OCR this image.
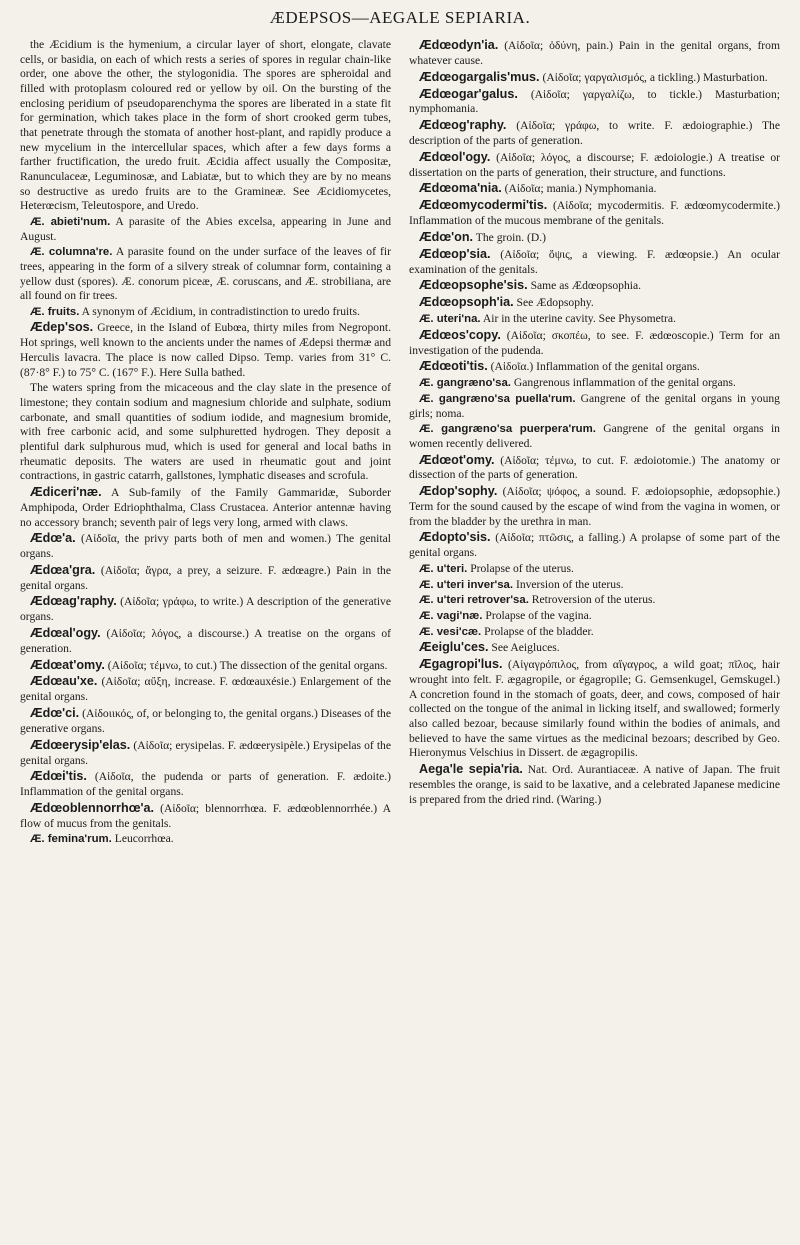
ÆDEPSOS—AEGALE SEPIARIA.

the Æcidium is the hymenium, a circular layer of short, elongate, clavate cells, or basidia, on each of which rests a series of spores in regular chain-like order, one above the other, the stylogonidia. The spores are spheroidal and filled with protoplasm coloured red or yellow by oil. On the bursting of the enclosing peridium of pseudoparenchyma the spores are liberated in a state fit for germination, which takes place in the form of short crooked germ tubes, that penetrate through the stomata of another host-plant, and rapidly produce a new mycelium in the intercellular spaces, which after a few days forms a farther fructification, the uredo fruit. Æcidia affect usually the Compositæ, Ranunculaceæ, Leguminosæ, and Labiatæ, but to which they are by no means so destructive as uredo fruits are to the Gramineæ. See Æcidiomycetes, Heterœcism, Teleutospore, and Uredo.

Æ. abieti'num. A parasite of the Abies excelsa, appearing in June and August.

Æ. columna're. A parasite found on the under surface of the leaves of fir trees, appearing in the form of a silvery streak of columnar form, containing a yellow dust (spores). Æ. conorum piceæ, Æ. coruscans, and Æ. strobiliana, are all found on fir trees.

Æ. fruits. A synonym of Æcidium, in contradistinction to uredo fruits.

Ædep'sos. Greece, in the Island of Eubœa, thirty miles from Negropont. Hot springs, well known to the ancients under the names of Ædepsi thermæ and Herculis lavacra. The place is now called Dipso. Temp. varies from 31° C. (87·8° F.) to 75° C. (167° F.). Here Sulla bathed.

The waters spring from the micaceous and the clay slate in the presence of limestone; they contain sodium and magnesium chloride and sulphate, sodium carbonate, and small quantities of sodium iodide, and magnesium bromide, with free carbonic acid, and some sulphuretted hydrogen. They deposit a plentiful dark sulphurous mud, which is used for general and local baths in rheumatic deposits. The waters are used in rheumatic gout and joint contractions, in gastric catarrh, gallstones, lymphatic diseases and scrofula.

Ædiceri'næ. A Sub-family of the Family Gammaridæ, Suborder Amphipoda, Order Edriophthalma, Class Crustacea. Anterior antennæ having no accessory branch; seventh pair of legs very long, armed with claws.

Ædœ'a. (Αἰδοῖα, the privy parts both of men and women.) The genital organs.

Ædœa'gra. (Αἰδοῖα; ἄγρα, a prey, a seizure. F. ædœagre.) Pain in the genital organs.

Ædœag'raphy. (Αἰδοῖα; γράφω, to write.) A description of the generative organs.

Ædœal'ogy. (Αἰδοῖα; λόγος, a discourse.) A treatise on the organs of generation.

Ædœat'omy. (Αἰδοῖα; τέμνω, to cut.) The dissection of the genital organs.

Ædœau'xe. (Αἰδοῖα; αὔξη, increase. F. œdœauxésie.) Enlargement of the genital organs.

Ædœ'ci. (Αἰδοιικός, of, or belonging to, the genital organs.) Diseases of the generative organs.

Ædœerysip'elas. (Αἰδοῖα; erysipelas. F. ædœerysipèle.) Erysipelas of the genital organs.

Ædœi'tis. (Αἰδοῖα, the pudenda or parts of generation. F. ædoite.) Inflammation of the genital organs.

Ædœoblennorrhœ'a. (Αἰδοῖα; blennorrhœa. F. ædœoblennorrhée.) A flow of mucus from the genitals.

Æ. femina'rum. Leucorrhœa.

Ædœodyn'ia. (Αἰδοῖα; ὀδύνη, pain.) Pain in the genital organs, from whatever cause.

Ædœogargalis'mus. (Αἰδοῖα; γαργαλισμός, a tickling.) Masturbation.

Ædœogar'galus. (Αἰδοῖα; γαργαλίζω, to tickle.) Masturbation; nymphomania.

Ædœog'raphy. (Αἰδοῖα; γράφω, to write. F. ædoiographie.) The description of the parts of generation.

Ædœol'ogy. (Αἰδοῖα; λόγος, a discourse; F. ædoiologie.) A treatise or dissertation on the parts of generation, their structure, and functions.

Ædœoma'nia. (Αἰδοῖα; mania.) Nymphomania.

Ædœomycodermi'tis. (Αἰδοῖα; mycodermitis. F. ædœomycodermite.) Inflammation of the mucous membrane of the genitals.

Ædœ'on. The groin. (D.)

Ædœop'sia. (Αἰδοῖα; ὄψις, a viewing. F. ædœopsie.) An ocular examination of the genitals.

Ædœopsophe'sis. Same as Ædœopsophia.

Ædœopsoph'ia. See Ædopsophy.

Æ. uteri'na. Air in the uterine cavity. See Physometra.

Ædœos'copy. (Αἰδοῖα; σκοπέω, to see. F. ædœoscopie.) Term for an investigation of the pudenda.

Ædœoti'tis. (Αἰδοῖα.) Inflammation of the genital organs.

Æ. gangræno'sa. Gangrenous inflammation of the genital organs.

Æ. gangræno'sa puella'rum. Gangrene of the genital organs in young girls; noma.

Æ. gangræno'sa puerpera'rum. Gangrene of the genital organs in women recently delivered.

Ædœot'omy. (Αἰδοῖα; τέμνω, to cut. F. ædoiotomie.) The anatomy or dissection of the parts of generation.

Ædop'sophy. (Αἰδοῖα; ψόφος, a sound. F. ædoiopsophie, ædopsophie.) Term for the sound caused by the escape of wind from the vagina in women, or from the bladder by the urethra in man.

Ædopto'sis. (Αἰδοῖα; πτῶσις, a falling.) A prolapse of some part of the genital organs.

Æ. u'teri. Prolapse of the uterus.

Æ. u'teri inver'sa. Inversion of the uterus.

Æ. u'teri retrover'sa. Retroversion of the uterus.

Æ. vagi'næ. Prolapse of the vagina.

Æ. vesi'cæ. Prolapse of the bladder.

Æeiglu'ces. See Aeigluces.

Ægagropi'lus. (Αἰγαγρόπιλος, from αἴγαγρος, a wild goat; πῖλος, hair wrought into felt. F. ægagropile, or égagropile; G. Gemsenkugel, Gemskugel.) A concretion found in the stomach of goats, deer, and cows, composed of hair collected on the tongue of the animal in licking itself, and swallowed; formerly also called bezoar, because similarly found within the bodies of animals, and believed to have the same virtues as the medicinal bezoars; described by Geo. Hieronymus Velschius in Dissert. de ægagropilis.

Aega'le sepia'ria. Nat. Ord. Aurantiaceæ. A native of Japan. The fruit resembles the orange, is said to be laxative, and a celebrated Japanese medicine is prepared from the dried rind. (Waring.)
